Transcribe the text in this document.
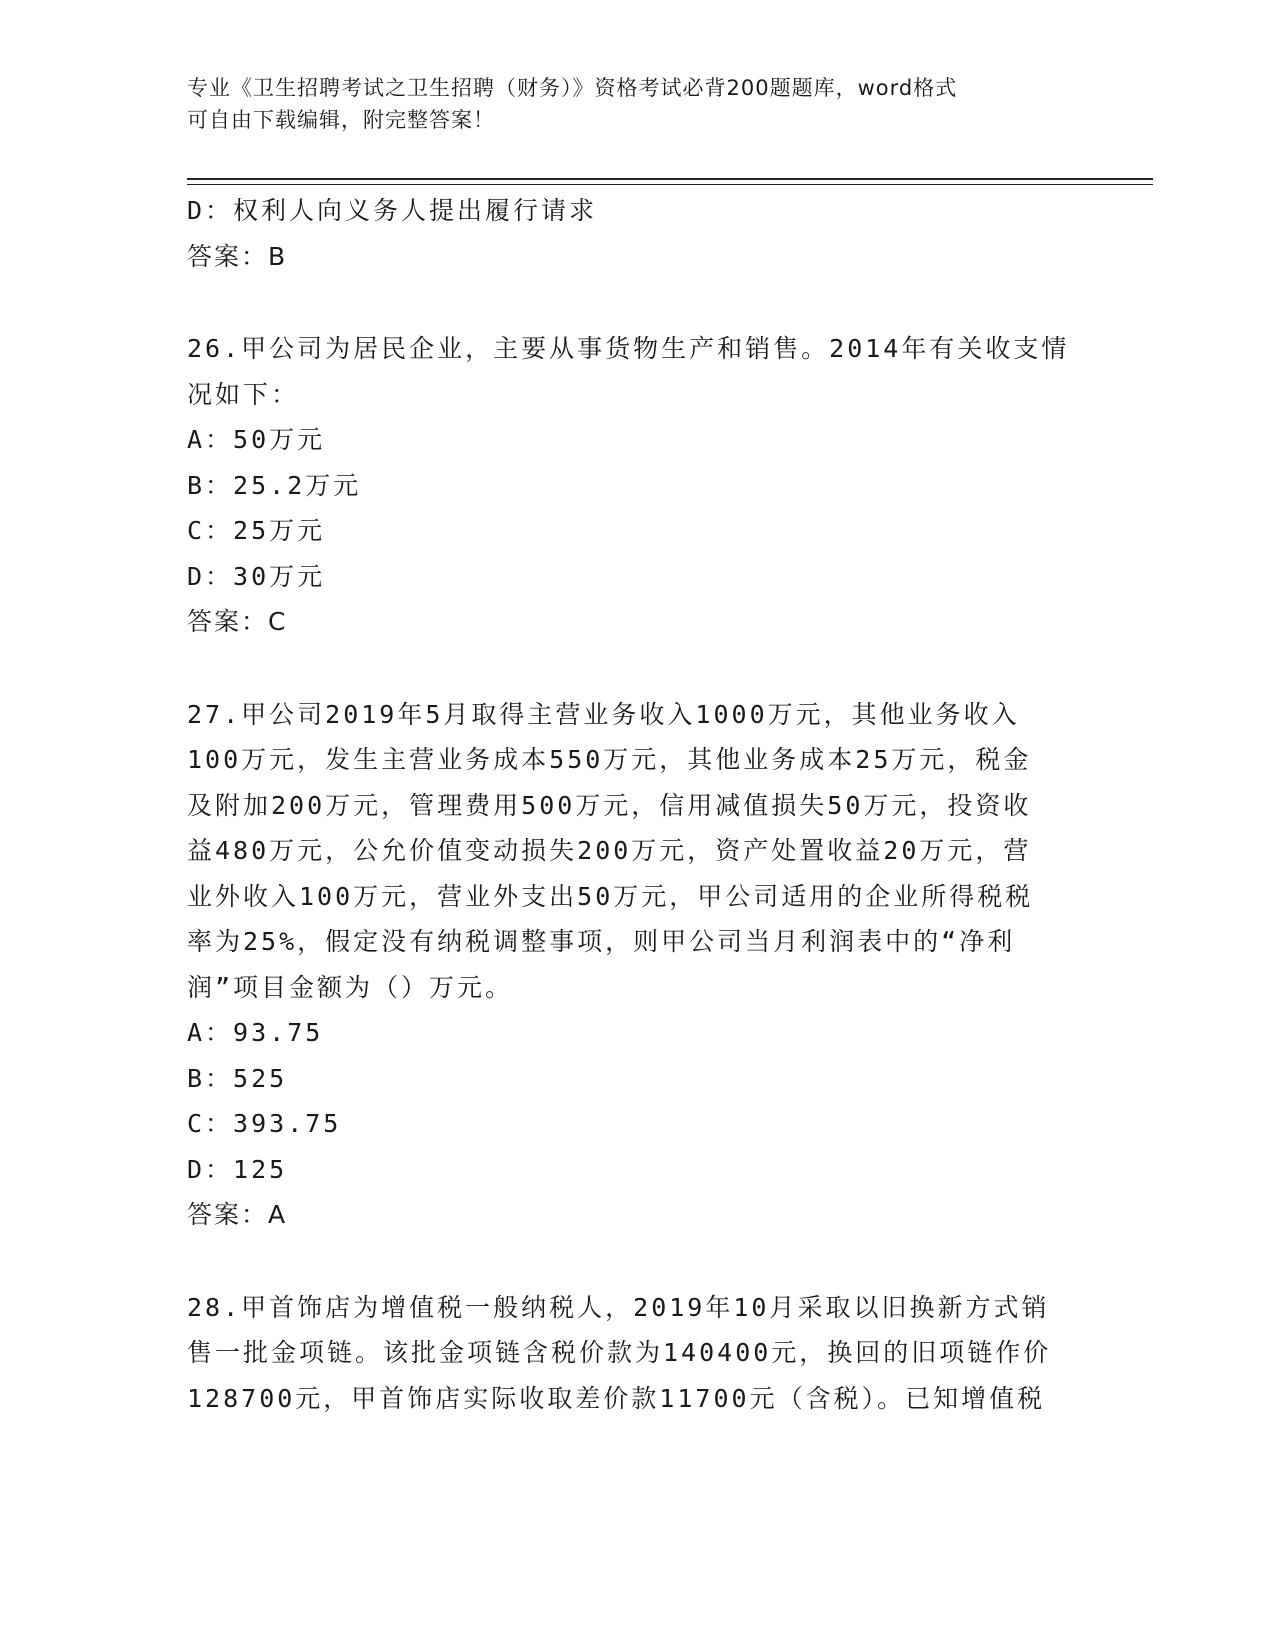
专业《卫生招聘考试之卫生招聘（财务）》资格考试必背200题题库，word格式
可自由下载编辑，附完整答案！
D：权利人向义务人提出履行请求
答案：B
26.甲公司为居民企业，主要从事货物生产和销售。2014年有关收支情
况如下：
A：50万元
B：25.2万元
C：25万元
D：30万元
答案：C
27.甲公司2019年5月取得主营业务收入1000万元，其他业务收入
100万元，发生主营业务成本550万元，其他业务成本25万元，税金
及附加200万元，管理费用500万元，信用减值损失50万元，投资收
益480万元，公允价值变动损失200万元，资产处置收益20万元，营
业外收入100万元，营业外支出50万元，甲公司适用的企业所得税税
率为25%，假定没有纳税调整事项，则甲公司当月利润表中的“净利
润”项目金额为（）万元。
A：93.75
B：525
C：393.75
D：125
答案：A
28.甲首饰店为增值税一般纳税人，2019年10月采取以旧换新方式销
售一批金项链。该批金项链含税价款为140400元，换回的旧项链作价
128700元，甲首饰店实际收取差价款11700元（含税）。已知增值税
